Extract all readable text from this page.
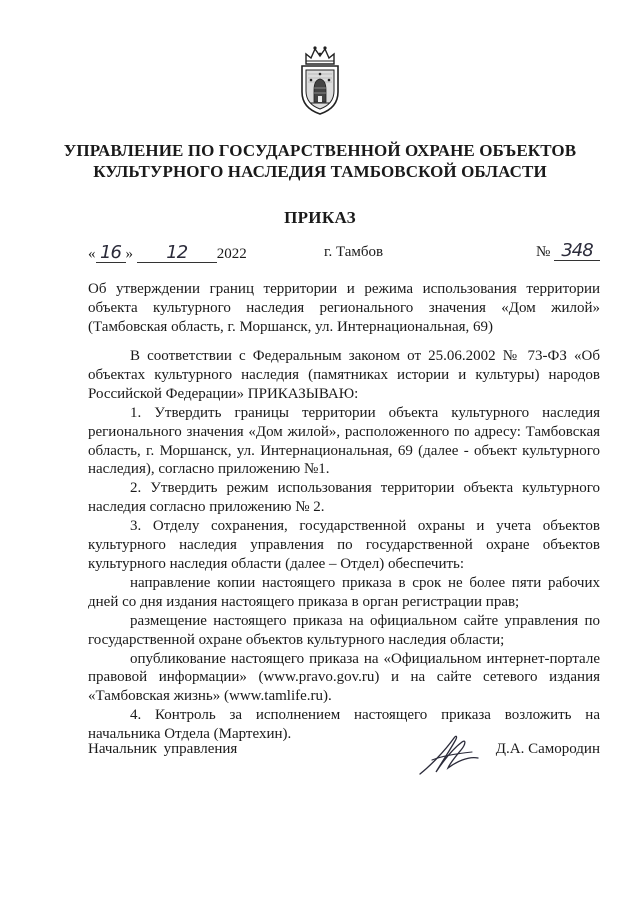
УПРАВЛЕНИЕ ПО ГОСУДАРСТВЕННОЙ ОХРАНЕ ОБЪЕКТОВ КУЛЬТУРНОГО НАСЛЕДИЯ ТАМБОВСКОЙ ОБЛАСТИ
ПРИКАЗ
« 16 » 12 2022	г. Тамбов	№ 348
Об утверждении границ территории и режима использования территории объекта культурного наследия регионального значения «Дом жилой» (Тамбовская область, г. Моршанск, ул. Интернациональная, 69)

В соответствии с Федеральным законом от 25.06.2002 № 73-ФЗ «Об объектах культурного наследия (памятниках истории и культуры) народов Российской Федерации» ПРИКАЗЫВАЮ:

1. Утвердить границы территории объекта культурного наследия регионального значения «Дом жилой», расположенного по адресу: Тамбовская область, г. Моршанск, ул. Интернациональная, 69 (далее - объект культурного наследия), согласно приложению №1.

2. Утвердить режим использования территории объекта культурного наследия согласно приложению № 2.

3. Отделу сохранения, государственной охраны и учета объектов культурного наследия управления по государственной охране объектов культурного наследия области (далее – Отдел) обеспечить:

направление копии настоящего приказа в срок не более пяти рабочих дней со дня издания настоящего приказа в орган регистрации прав;

размещение настоящего приказа на официальном сайте управления по государственной охране объектов культурного наследия области;

опубликование настоящего приказа на «Официальном интернет-портале правовой информации» (www.pravo.gov.ru) и на сайте сетевого издания «Тамбовская жизнь» (www.tamlife.ru).

4. Контроль за исполнением настоящего приказа возложить на начальника Отдела (Мартехин).

Начальник управления	Д.А. Самородин
